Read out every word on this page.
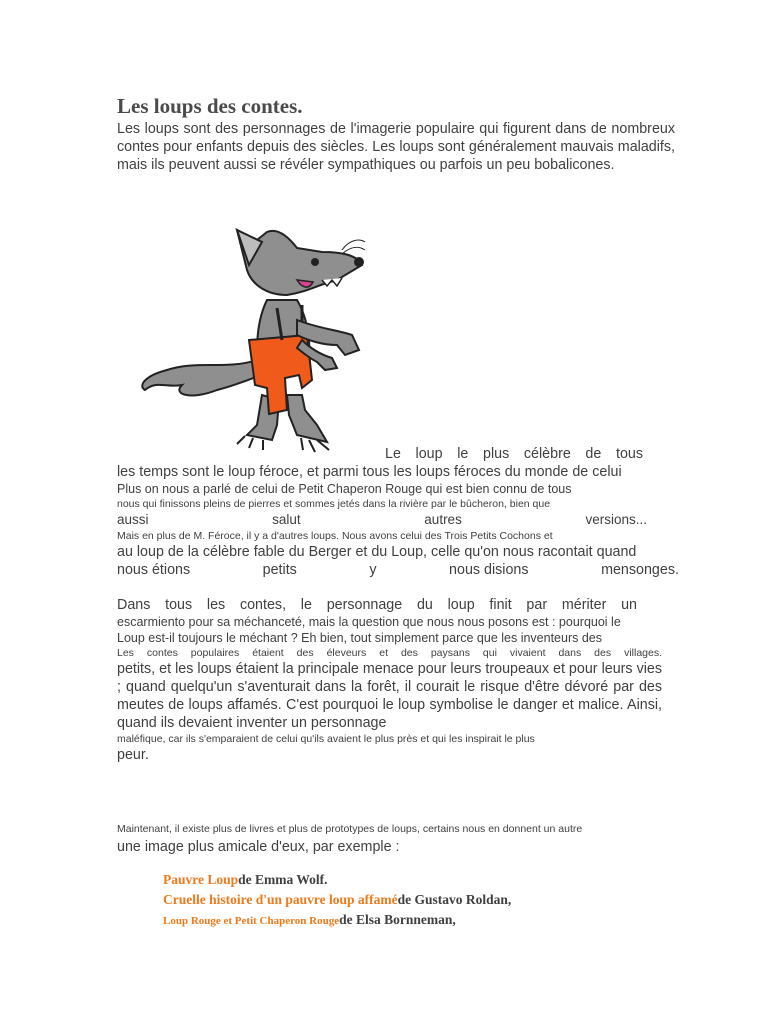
Les loups des contes.

Les loups sont des personnages de l'imagerie populaire qui figurent dans de nombreux contes pour enfants depuis des siècles. Les loups sont généralement mauvais maladifs, mais ils peuvent aussi se révéler sympathiques ou parfois un peu bobalicones.

Le loup le plus célèbre de tous

les temps sont le loup féroce, et parmi tous les loups féroces du monde de celui

Plus on nous a parlé de celui de Petit Chaperon Rouge qui est bien connu de tous

nous qui finissons pleins de pierres et sommes jetés dans la rivière par le bûcheron, bien que

aussi	salut	autres	versions...

Mais en plus de M. Féroce, il y a d'autres loups. Nous avons celui des Trois Petits Cochons et

au loup de la célèbre fable du Berger et du Loup, celle qu'on nous racontait quand

nous étions	petits	y	nous disions	mensonges.

Dans tous les contes, le personnage du loup finit par mériter un

escarmiento pour sa méchanceté, mais la question que nous nous posons est : pourquoi le

Loup est-il toujours le méchant ? Eh bien, tout simplement parce que les inventeurs des

Les contes populaires étaient des éleveurs et des paysans qui vivaient dans des villages.

petits, et les loups étaient la principale menace pour leurs troupeaux et pour leurs vies ; quand quelqu'un s'aventurait dans la forêt, il courait le risque d'être dévoré par des meutes de loups affamés. C'est pourquoi le loup symbolise le danger et malice. Ainsi, quand ils devaient inventer un personnage

maléfique, car ils s'emparaient de celui qu'ils avaient le plus près et qui les inspirait le plus

peur.

Maintenant, il existe plus de livres et plus de prototypes de loups, certains nous en donnent un autre

une image plus amicale d'eux, par exemple :

Pauvre Loup de Emma Wolf.
Cruelle histoire d'un pauvre loup affamé de Gustavo Roldan,
Loup Rouge et Petit Chaperon Rouge de Elsa Bornneman,
